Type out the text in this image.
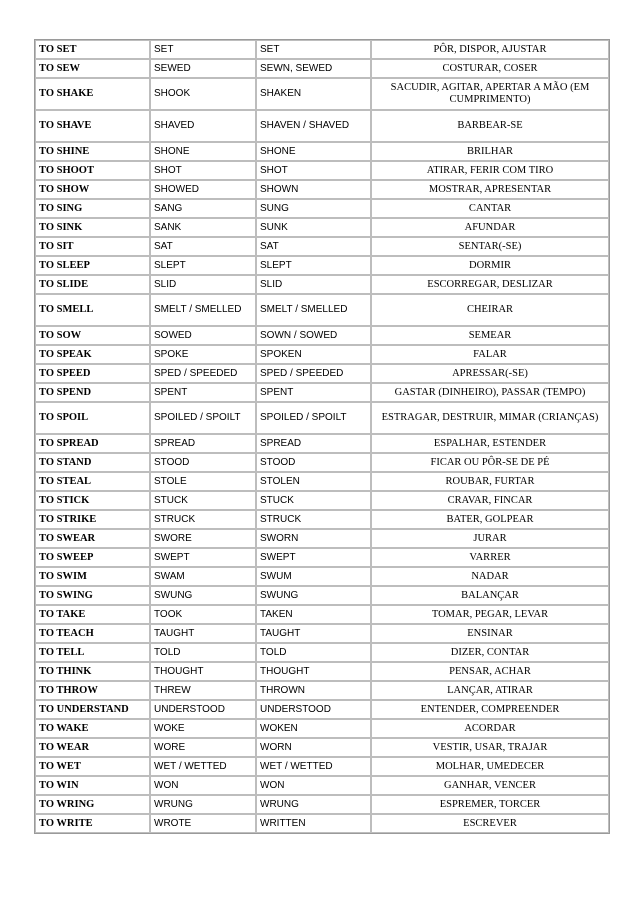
TO SET	SET	SET	PÔR, DISPOR, AJUSTAR
TO SEW	SEWED	SEWN, SEWED	COSTURAR, COSER
TO SHAKE	SHOOK	SHAKEN	SACUDIR, AGITAR, APERTAR A MÃO (EM CUMPRIMENTO)
TO SHAVE	SHAVED	SHAVEN / SHAVED	BARBEAR-SE
TO SHINE	SHONE	SHONE	BRILHAR
TO SHOOT	SHOT	SHOT	ATIRAR, FERIR COM TIRO
TO SHOW	SHOWED	SHOWN	MOSTRAR, APRESENTAR
TO SING	SANG	SUNG	CANTAR
TO SINK	SANK	SUNK	AFUNDAR
TO SIT	SAT	SAT	SENTAR(-SE)
TO SLEEP	SLEPT	SLEPT	DORMIR
TO SLIDE	SLID	SLID	ESCORREGAR, DESLIZAR
TO SMELL	SMELT / SMELLED	SMELT / SMELLED	CHEIRAR
TO SOW	SOWED	SOWN / SOWED	SEMEAR
TO SPEAK	SPOKE	SPOKEN	FALAR
TO SPEED	SPED / SPEEDED	SPED / SPEEDED	APRESSAR(-SE)
TO SPEND	SPENT	SPENT	GASTAR (DINHEIRO), PASSAR (TEMPO)
TO SPOIL	SPOILED / SPOILT	SPOILED / SPOILT	ESTRAGAR, DESTRUIR, MIMAR (CRIANÇAS)
TO SPREAD	SPREAD	SPREAD	ESPALHAR, ESTENDER
TO STAND	STOOD	STOOD	FICAR OU PÔR-SE DE PÉ
TO STEAL	STOLE	STOLEN	ROUBAR, FURTAR
TO STICK	STUCK	STUCK	CRAVAR, FINCAR
TO STRIKE	STRUCK	STRUCK	BATER, GOLPEAR
TO SWEAR	SWORE	SWORN	JURAR
TO SWEEP	SWEPT	SWEPT	VARRER
TO SWIM	SWAM	SWUM	NADAR
TO SWING	SWUNG	SWUNG	BALANÇAR
TO TAKE	TOOK	TAKEN	TOMAR, PEGAR, LEVAR
TO TEACH	TAUGHT	TAUGHT	ENSINAR
TO TELL	TOLD	TOLD	DIZER, CONTAR
TO THINK	THOUGHT	THOUGHT	PENSAR, ACHAR
TO THROW	THREW	THROWN	LANÇAR, ATIRAR
TO UNDERSTAND	UNDERSTOOD	UNDERSTOOD	ENTENDER, COMPREENDER
TO WAKE	WOKE	WOKEN	ACORDAR
TO WEAR	WORE	WORN	VESTIR, USAR, TRAJAR
TO WET	WET / WETTED	WET / WETTED	MOLHAR, UMEDECER
TO WIN	WON	WON	GANHAR, VENCER
TO WRING	WRUNG	WRUNG	ESPREMER, TORCER
TO WRITE	WROTE	WRITTEN	ESCREVER
